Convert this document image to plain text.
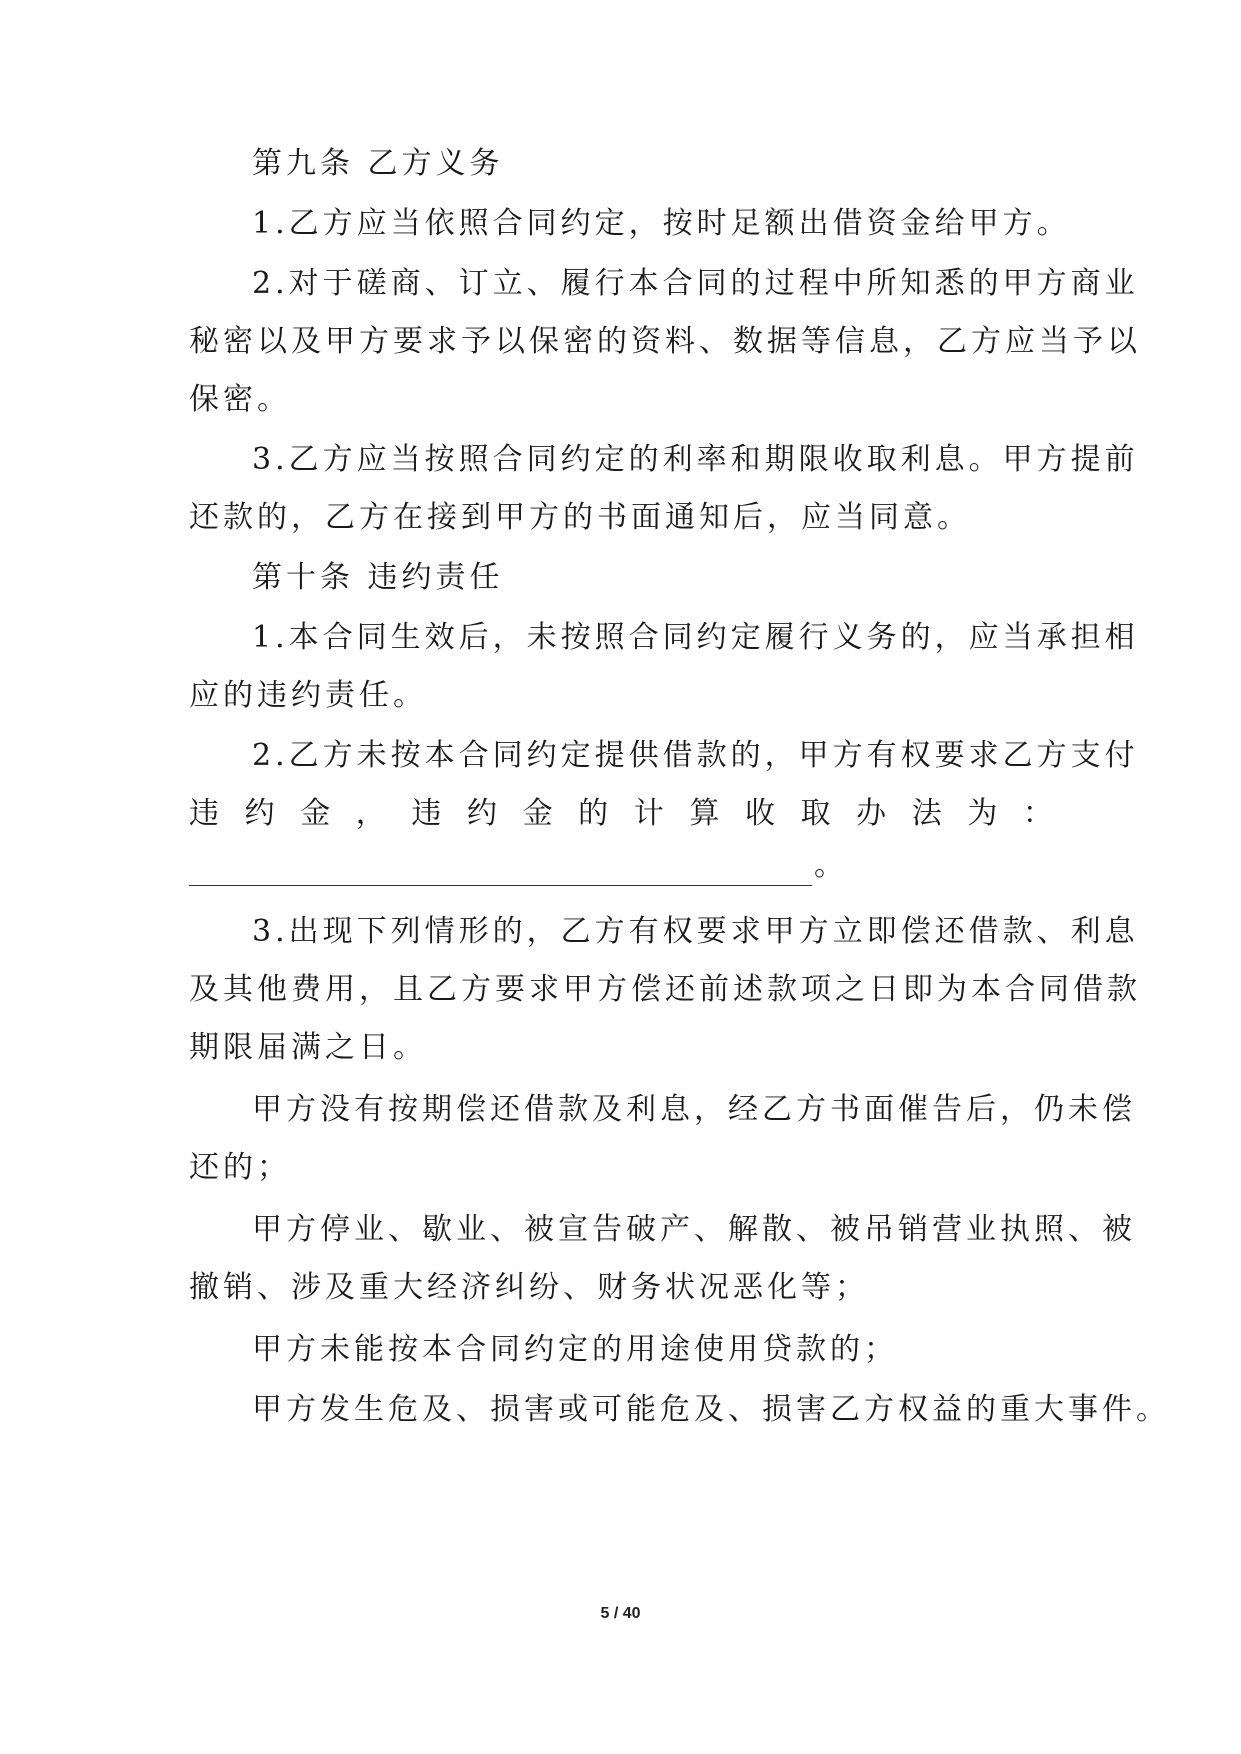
第九条 乙方义务
1.乙方应当依照合同约定，按时足额出借资金给甲方。
2.对于磋商、订立、履行本合同的过程中所知悉的甲方商业
秘密以及甲方要求予以保密的资料、数据等信息，乙方应当予以
保密。
3.乙方应当按照合同约定的利率和期限收取利息。甲方提前
还款的，乙方在接到甲方的书面通知后，应当同意。
第十条 违约责任
1.本合同生效后，未按照合同约定履行义务的，应当承担相
应的违约责任。
2.乙方未按本合同约定提供借款的，甲方有权要求乙方支付
违 约 金 ， 违 约 金 的 计 算 收 取 办 法 为 ：
。
3.出现下列情形的，乙方有权要求甲方立即偿还借款、利息
及其他费用，且乙方要求甲方偿还前述款项之日即为本合同借款
期限届满之日。
甲方没有按期偿还借款及利息，经乙方书面催告后，仍未偿
还的；
甲方停业、歇业、被宣告破产、解散、被吊销营业执照、被
撤销、涉及重大经济纠纷、财务状况恶化等；
甲方未能按本合同约定的用途使用贷款的；
甲方发生危及、损害或可能危及、损害乙方权益的重大事件。
5 / 40
